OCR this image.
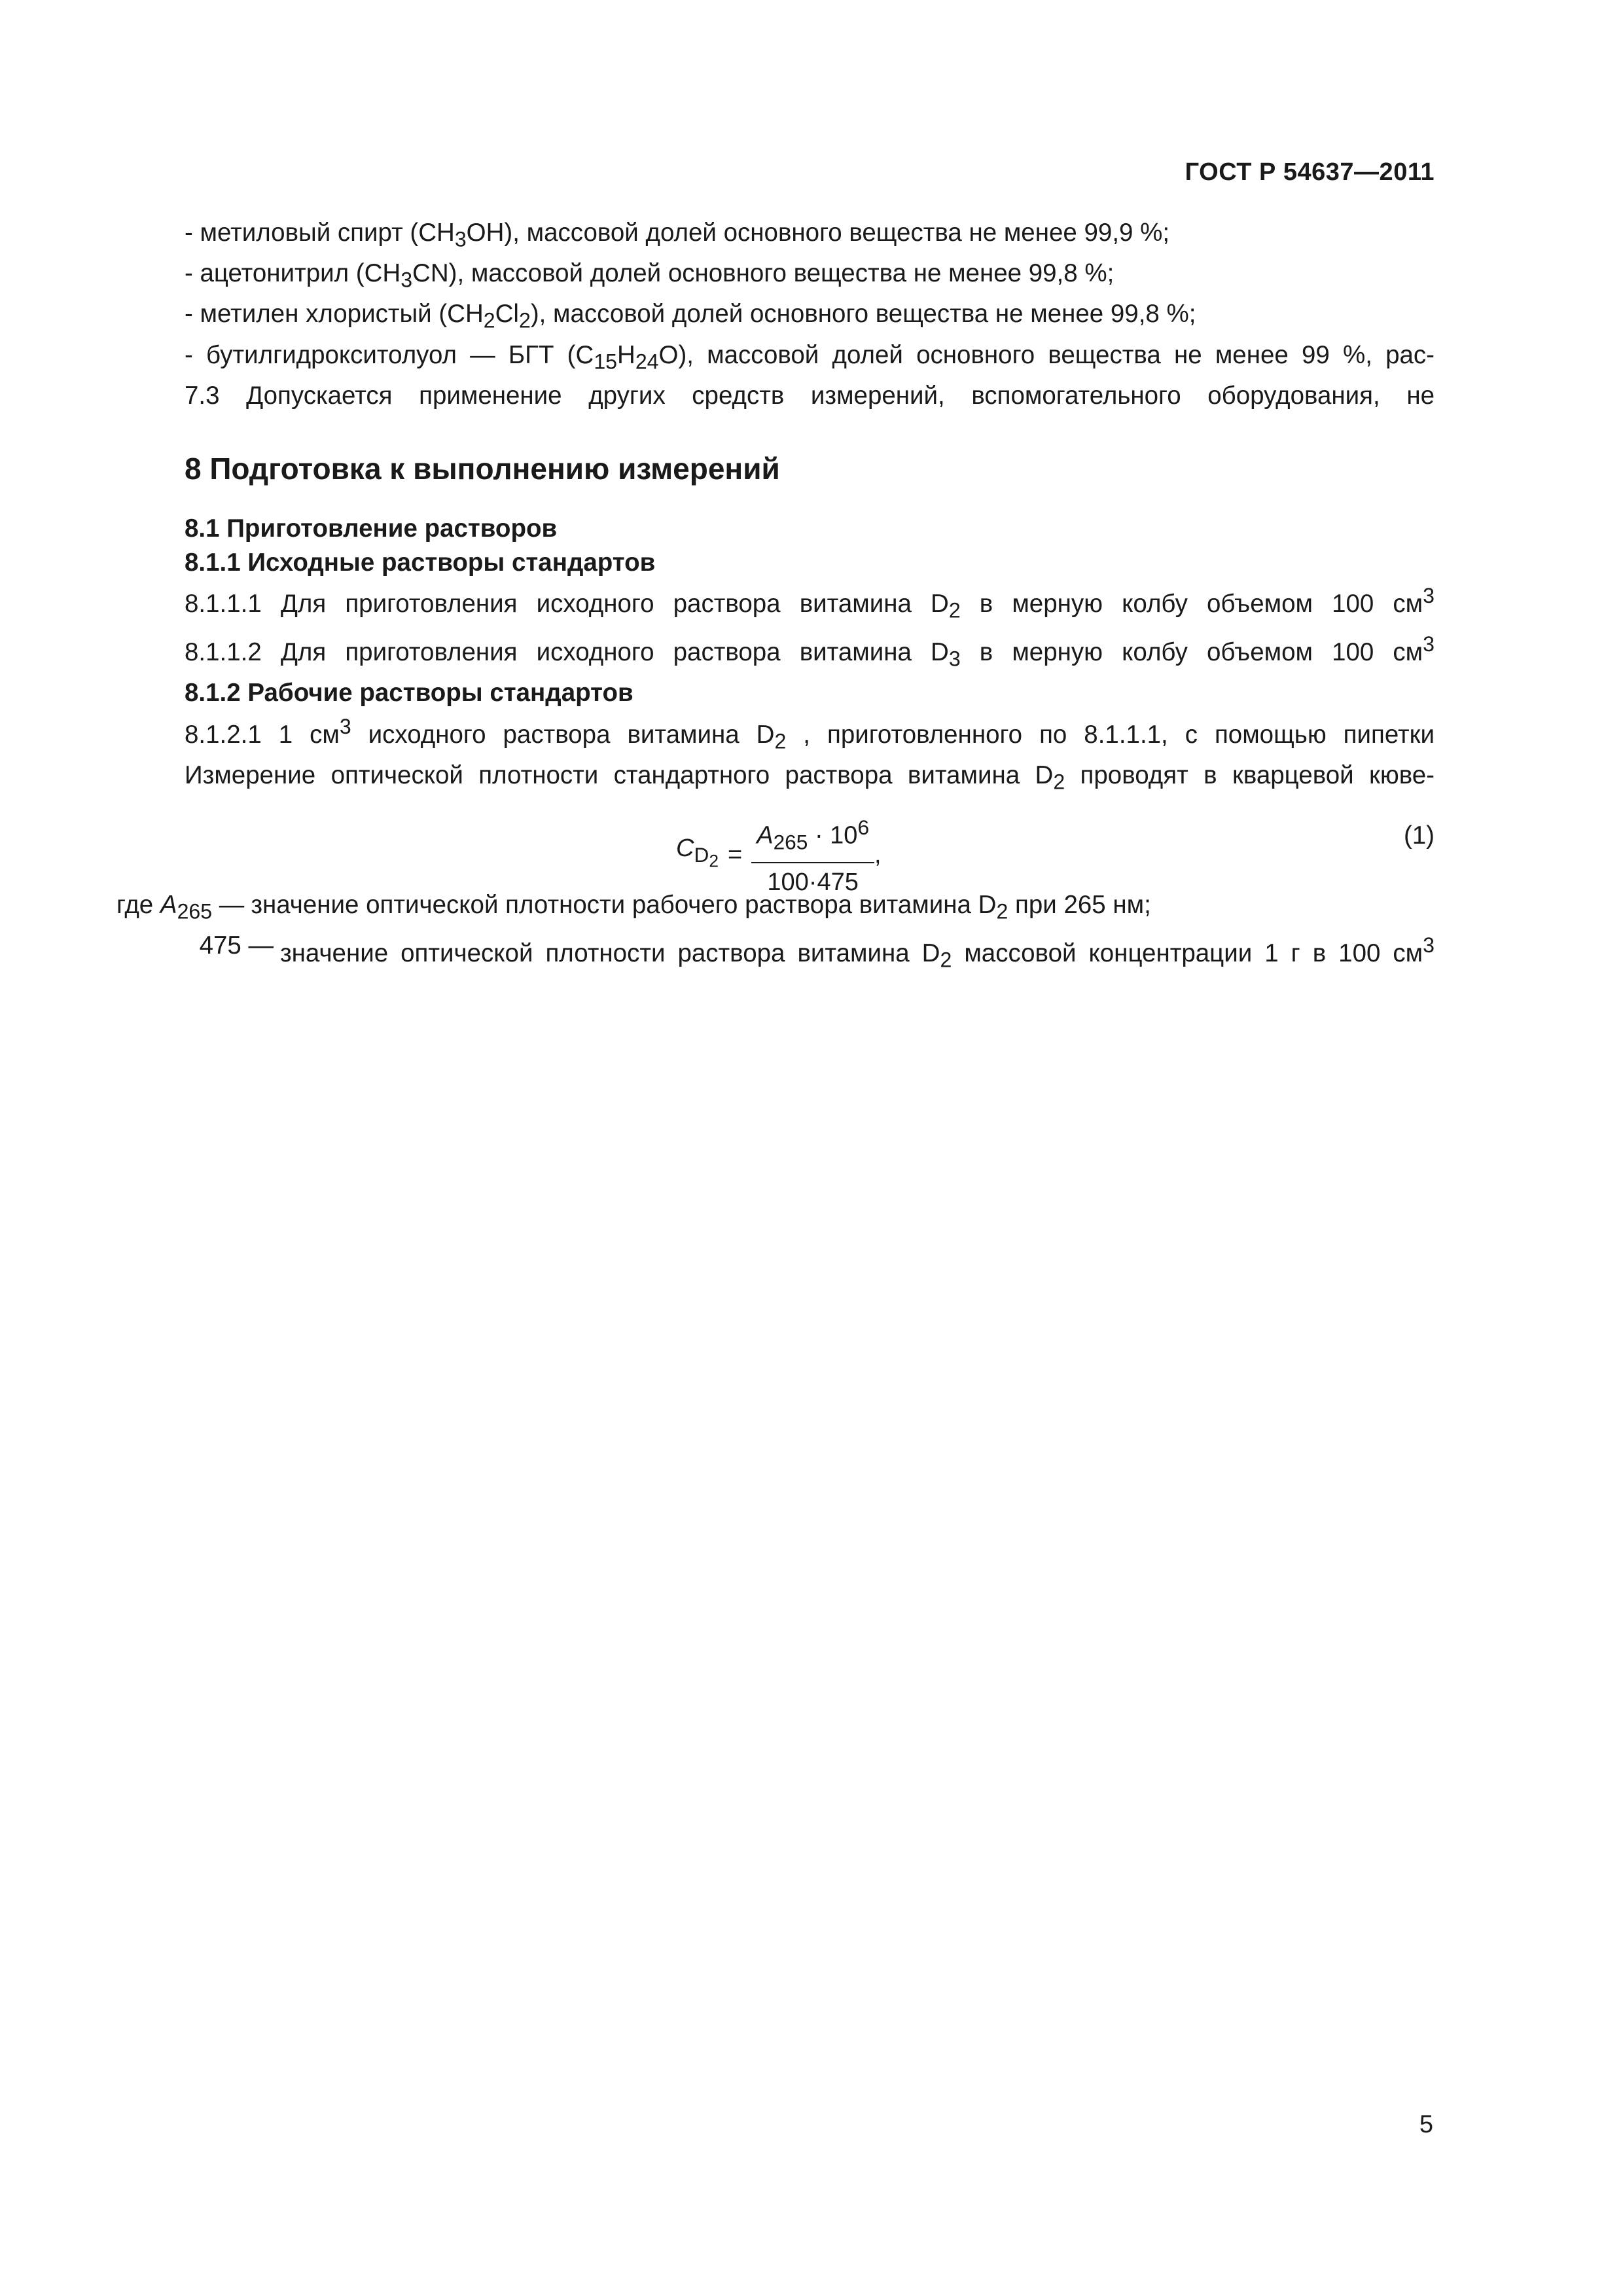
ГОСТ Р 54637—2011
- метиловый спирт $(CH_3OH)$, массовой долей основного вещества не менее 99,9 %;
- ацетонитрил $(CH_3CN)$, массовой долей основного вещества не менее 99,8 %;
- метилен хлористый $(CH_2Cl_2)$, массовой долей основного вещества не менее 99,8 %;
- бутилгидрокситолуол — БГТ $(C_{15}H_{24}O)$, массовой долей основного вещества не менее 99 %, рас-
7.3 Допускается применение других средств измерений, вспомогательного оборудования, не
8 Подготовка к выполнению измерений
8.1 Приготовление растворов
8.1.1 Исходные растворы стандартов
8.1.1.1 Для приготовления исходного раствора витамина $D_2$ в мерную колбу объемом 100 $см^3$
8.1.1.2 Для приготовления исходного раствора витамина $D_3$ в мерную колбу объемом 100 $см^3$
8.1.2 Рабочие растворы стандартов
8.1.2.1 1 $см^3$ исходного раствора витамина $D_2$ , приготовленного по 8.1.1.1, с помощью пипетки
Измерение оптической плотности стандартного раствора витамина $D_2$ проводят в кварцевой кюве-
$C_{D_2} = \frac{A_{265} \cdot 10^6}{100\cdot 475}$ ,
(1)
где $A_{265}$ — значение оптической плотности рабочего раствора витамина $D_2$ при 265 нм;
475 — значение оптической плотности раствора витамина $D_2$ массовой концентрации 1 г в 100 $см^3$
5
